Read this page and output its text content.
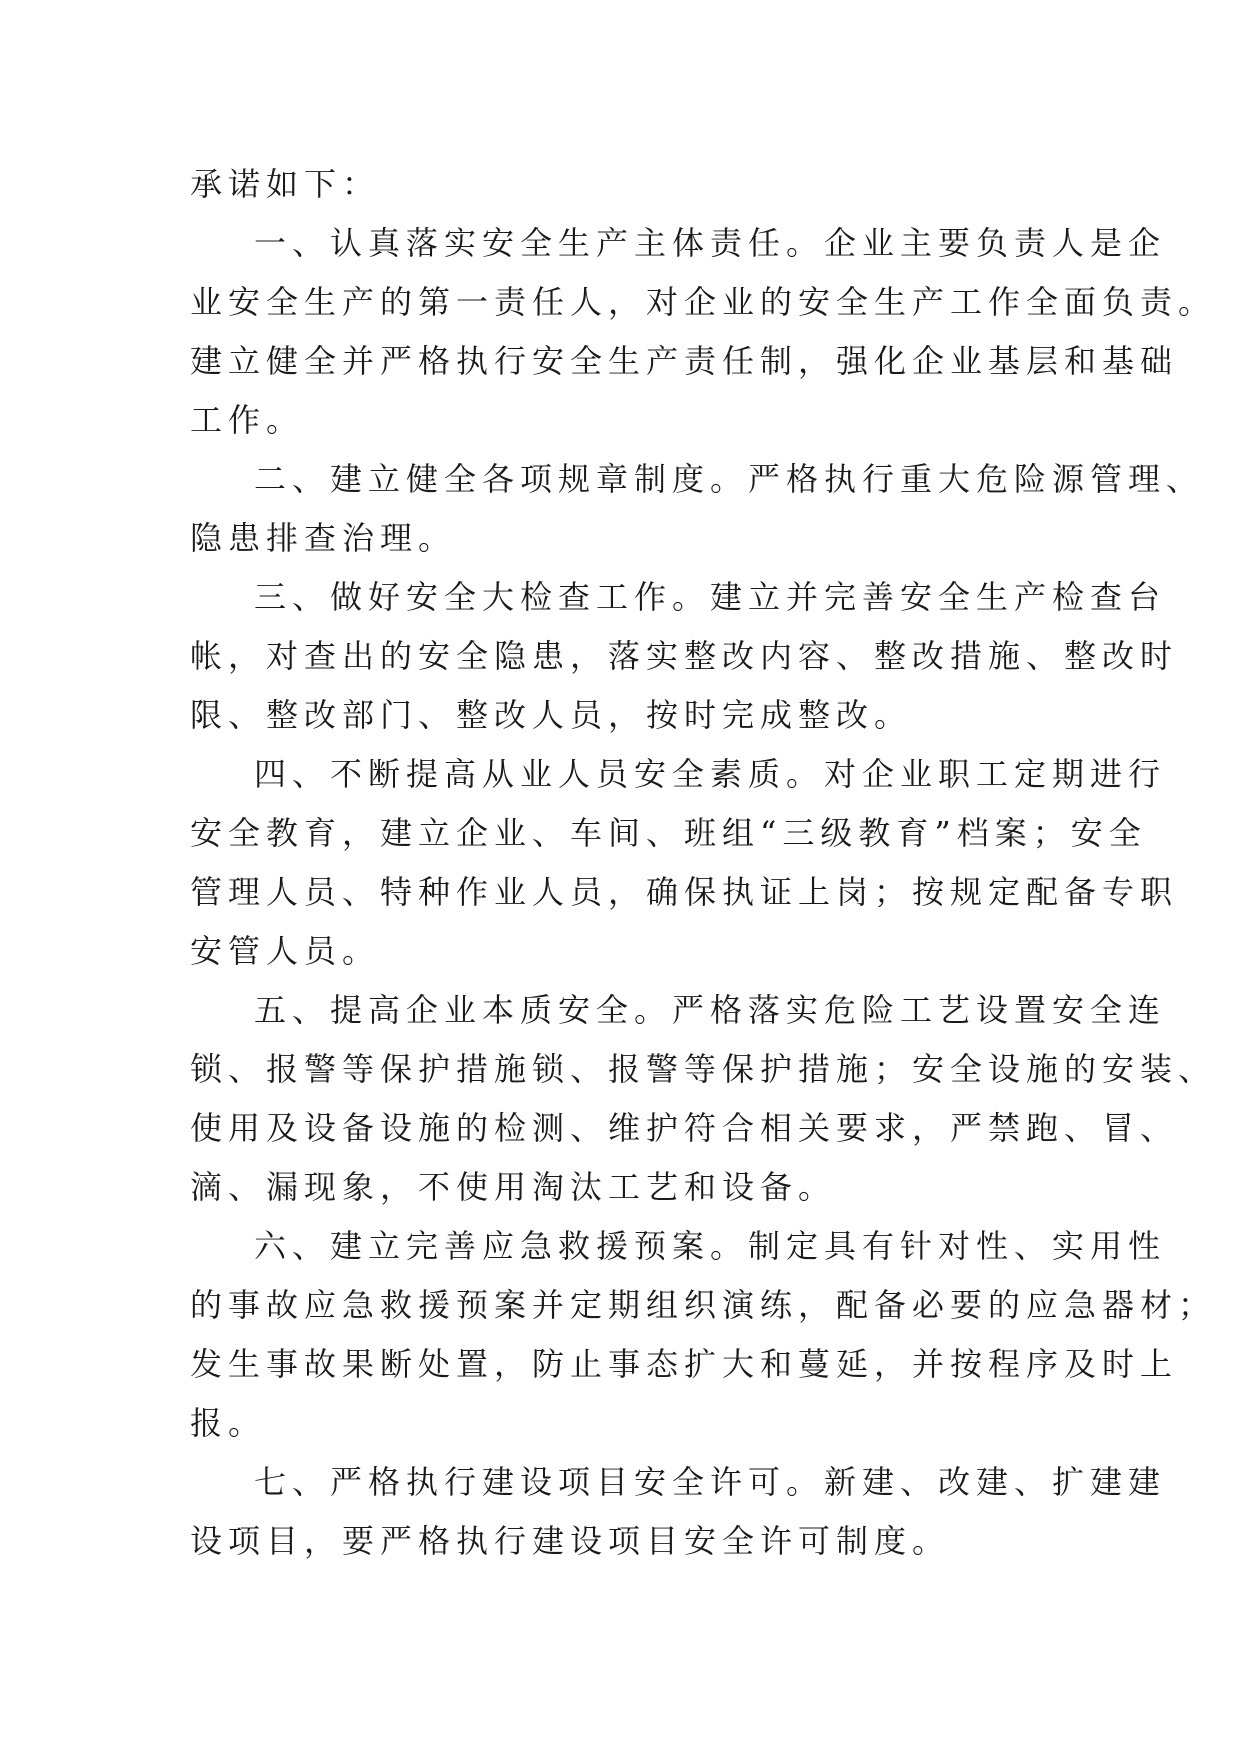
承诺如下：

一、认真落实安全生产主体责任。企业主要负责人是企

业安全生产的第一责任人，对企业的安全生产工作全面负责。

建立健全并严格执行安全生产责任制，强化企业基层和基础

工作。

二、建立健全各项规章制度。严格执行重大危险源管理、

隐患排查治理。

三、做好安全大检查工作。建立并完善安全生产检查台

帐，对查出的安全隐患，落实整改内容、整改措施、整改时

限、整改部门、整改人员，按时完成整改。

四、不断提高从业人员安全素质。对企业职工定期进行

安全教育，建立企业、车间、班组“三级教育”档案；安全

管理人员、特种作业人员，确保执证上岗；按规定配备专职

安管人员。

五、提高企业本质安全。严格落实危险工艺设置安全连

锁、报警等保护措施锁、报警等保护措施；安全设施的安装、

使用及设备设施的检测、维护符合相关要求，严禁跑、冒、

滴、漏现象，不使用淘汰工艺和设备。

六、建立完善应急救援预案。制定具有针对性、实用性

的事故应急救援预案并定期组织演练，配备必要的应急器材；

发生事故果断处置，防止事态扩大和蔓延，并按程序及时上

报。

七、严格执行建设项目安全许可。新建、改建、扩建建

设项目，要严格执行建设项目安全许可制度。
